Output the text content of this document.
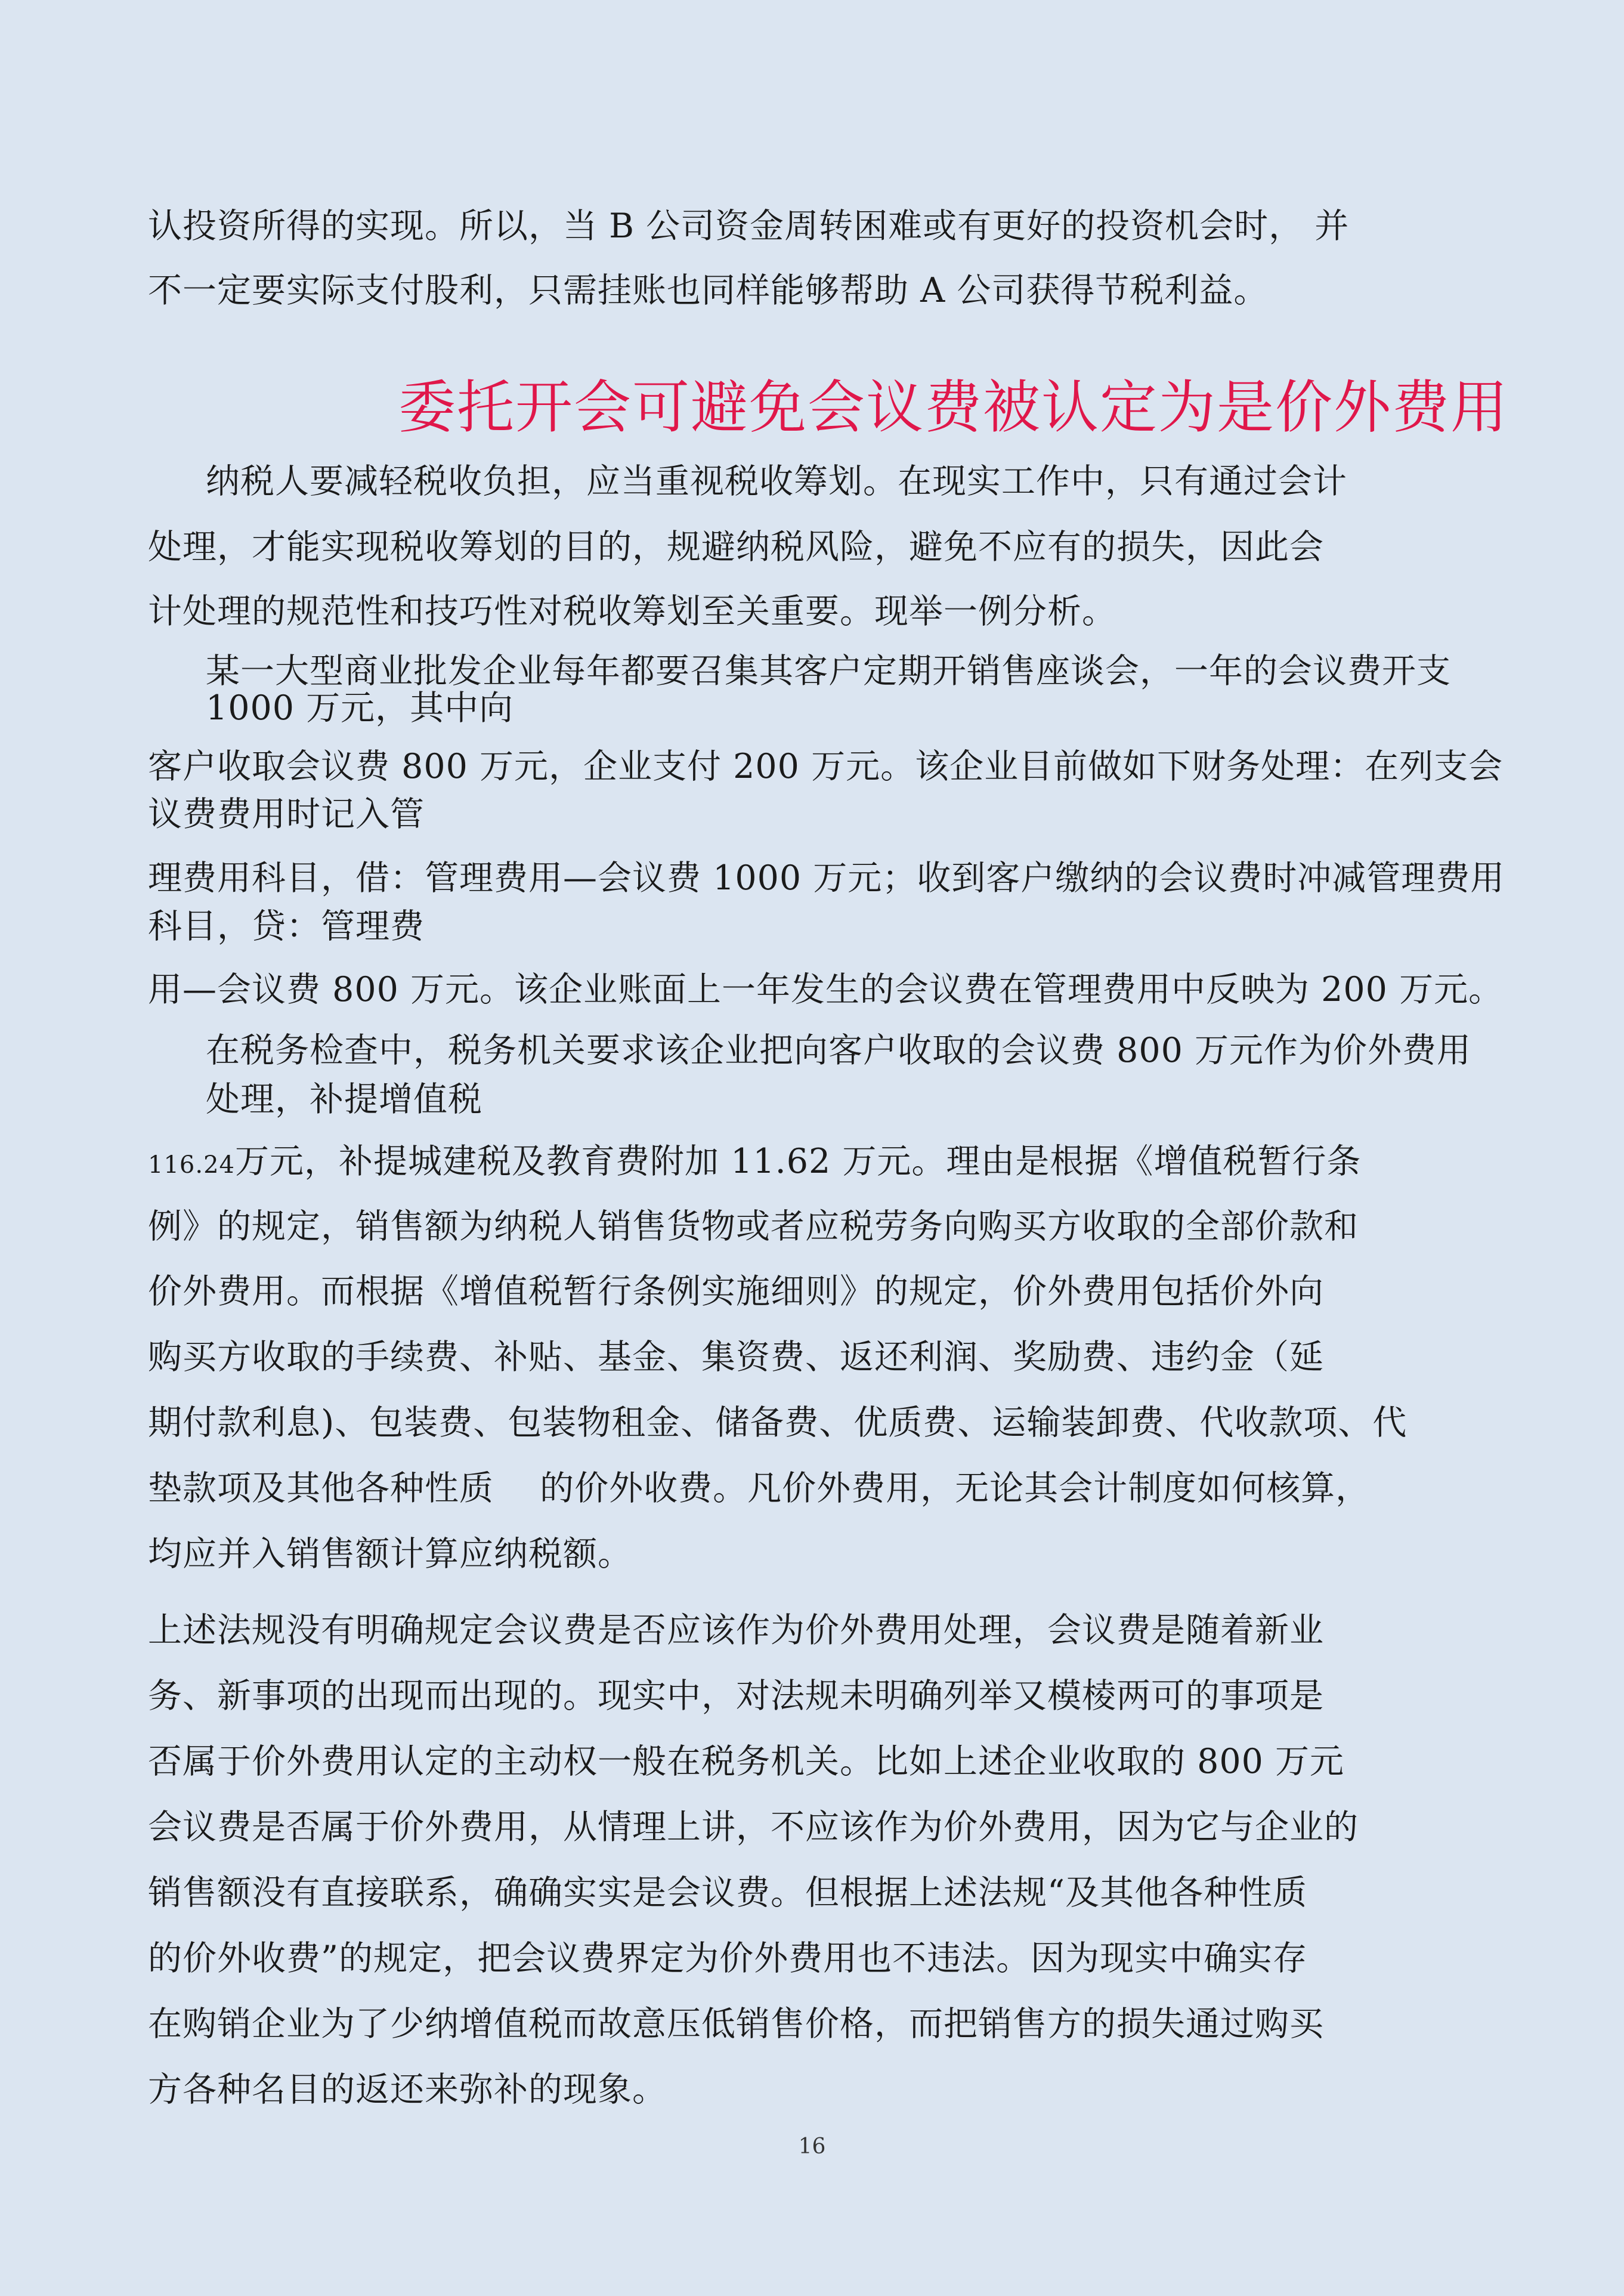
认投资所得的实现。所以，当 B 公司资金周转困难或有更好的投资机会时， 并
不一定要实际支付股利，只需挂账也同样能够帮助 A 公司获得节税利益。
委托开会可避免会议费被认定为是价外费用
纳税人要减轻税收负担，应当重视税收筹划。在现实工作中，只有通过会计
处理，才能实现税收筹划的目的，规避纳税风险，避免不应有的损失，因此会
计处理的规范性和技巧性对税收筹划至关重要。现举一例分析。
某一大型商业批发企业每年都要召集其客户定期开销售座谈会，一年的会议费开支
1000 万元，其中向
客户收取会议费 800 万元，企业支付 200 万元。该企业目前做如下财务处理：在列支会
议费费用时记入管
理费用科目，借：管理费用—会议费 1000 万元；收到客户缴纳的会议费时冲减管理费用
科目，贷：管理费
用—会议费 800 万元。该企业账面上一年发生的会议费在管理费用中反映为 200 万元。
在税务检查中，税务机关要求该企业把向客户收取的会议费 800 万元作为价外费用
处理，补提增值税
116.24万元，补提城建税及教育费附加 11.62 万元。理由是根据《增值税暂行条
例》的规定，销售额为纳税人销售货物或者应税劳务向购买方收取的全部价款和
价外费用。而根据《增值税暂行条例实施细则》的规定，价外费用包括价外向
购买方收取的手续费、补贴、基金、集资费、返还利润、奖励费、违约金（延
期付款利息)、包装费、包装物租金、储备费、优质费、运输装卸费、代收款项、代
垫款项及其他各种性质　 的价外收费。凡价外费用，无论其会计制度如何核算，
均应并入销售额计算应纳税额。
上述法规没有明确规定会议费是否应该作为价外费用处理，会议费是随着新业
务、新事项的出现而出现的。现实中，对法规未明确列举又模棱两可的事项是
否属于价外费用认定的主动权一般在税务机关。比如上述企业收取的 800 万元
会议费是否属于价外费用，从情理上讲，不应该作为价外费用，因为它与企业的
销售额没有直接联系，确确实实是会议费。但根据上述法规“及其他各种性质
的价外收费”的规定，把会议费界定为价外费用也不违法。因为现实中确实存
在购销企业为了少纳增值税而故意压低销售价格，而把销售方的损失通过购买
方各种名目的返还来弥补的现象。
16
